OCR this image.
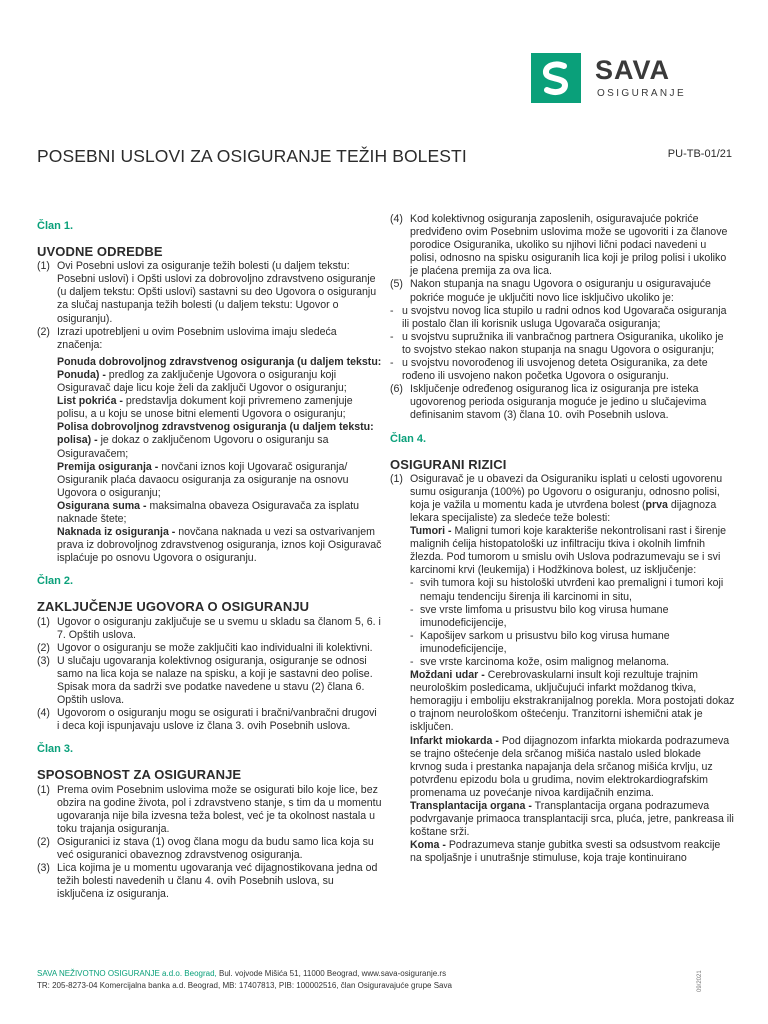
SAVA
OSIGURANJE
POSEBNI USLOVI ZA OSIGURANJE TEŽIH BOLESTI	PU-TB-01/21
Član 1.
UVODNE ODREDBE
(1) Ovi Posebni uslovi za osiguranje težih bolesti (u daljem tekstu: Posebni uslovi) i Opšti uslovi za dobrovoljno zdravstveno osiguranje (u daljem tekstu: Opšti uslovi) sastavni su deo Ugovora o osiguranju za slučaj nastupanja težih bolesti (u daljem tekstu: Ugovor o osiguranju).
(2) Izrazi upotrebljeni u ovim Posebnim uslovima imaju sledeća značenja:
Ponuda dobrovoljnog zdravstvenog osiguranja (u daljem tekstu: Ponuda) - predlog za zaključenje Ugovora o osiguranju koji Osiguravač daje licu koje želi da zaključi Ugovor o osiguranju;
List pokrića - predstavlja dokument koji privremeno zamenjuje polisu, a u koju se unose bitni elementi Ugovora o osiguranju;
Polisa dobrovoljnog zdravstvenog osiguranja (u daljem tekstu: polisa) - je dokaz o zaključenom Ugovoru o osiguranju sa Osiguravačem;
Premija osiguranja - novčani iznos koji Ugovarač osiguranja/ Osiguranik plaća davaocu osiguranja za osiguranje na osnovu Ugovora o osiguranju;
Osigurana suma - maksimalna obaveza Osiguravača za isplatu naknade štete;
Naknada iz osiguranja - novčana naknada u vezi sa ostvarivanjem prava iz dobrovoljnog zdravstvenog osiguranja, iznos koji Osiguravač isplaćuje po osnovu Ugovora o osiguranju.
Član 2.
ZAKLJUČENJE UGOVORA O OSIGURANJU
(1) Ugovor o osiguranju zaključuje se u svemu u skladu sa članom 5, 6. i 7. Opštih uslova.
(2) Ugovor o osiguranju se može zaključiti kao individualni ili kolektivni.
(3) U slučaju ugovaranja kolektivnog osiguranja, osiguranje se odnosi samo na lica koja se nalaze na spisku, a koji je sastavni deo polise. Spisak mora da sadrži sve podatke navedene u stavu (2) člana 6. Opštih uslova.
(4) Ugovorom o osiguranju mogu se osigurati i bračni/vanbračni drugovi i deca koji ispunjavaju uslove iz člana 3. ovih Posebnih uslova.
Član 3.
SPOSOBNOST ZA OSIGURANJE
(1) Prema ovim Posebnim uslovima može se osigurati bilo koje lice, bez obzira na godine života, pol i zdravstveno stanje, s tim da u momentu ugovaranja nije bila izvesna teža bolest, već je ta okolnost nastala u toku trajanja osiguranja.
(2) Osiguranici iz stava (1) ovog člana mogu da budu samo lica koja su već osiguranici obaveznog zdravstvenog osiguranja.
(3) Lica kojima je u momentu ugovaranja već dijagnostikovana jedna od težih bolesti navedenih u članu 4. ovih Posebnih uslova, su isključena iz osiguranja.
(4) Kod kolektivnog osiguranja zaposlenih, osiguravajuće pokriće predviđeno ovim Posebnim uslovima može se ugovoriti i za članove porodice Osiguranika, ukoliko su njihovi lični podaci navedeni u polisi, odnosno na spisku osiguranih lica koji je prilog polisi i ukoliko je plaćena premija za ova lica.
(5) Nakon stupanja na snagu Ugovora o osiguranju u osiguravajuće pokriće moguće je uključiti novo lice isključivo ukoliko je:
- u svojstvu novog lica stupilo u radni odnos kod Ugovarača osiguranja ili postalo član ili korisnik usluga Ugovarača osiguranja;
- u svojstvu supružnika ili vanbračnog partnera Osiguranika, ukoliko je to svojstvo stekao nakon stupanja na snagu Ugovora o osiguranju;
- u svojstvu novorođenog ili usvojenog deteta Osiguranika, za dete rođeno ili usvojeno nakon početka Ugovora o osiguranju.
(6) Isključenje određenog osiguranog lica iz osiguranja pre isteka ugovorenog perioda osiguranja moguće je jedino u slučajevima definisanim stavom (3) člana 10. ovih Posebnih uslova.
Član 4.
OSIGURANI RIZICI
(1) Osiguravač je u obavezi da Osiguraniku isplati u celosti ugovorenu sumu osiguranja (100%) po Ugovoru o osiguranju, odnosno polisi, koja je važila u momentu kada je utvrđena bolest (prva dijagnoza lekara specijaliste) za sledeće teže bolesti:
Tumori - Maligni tumori koje karakteriše nekontrolisani rast i širenje malignih ćelija histopatološki uz infiltraciju tkiva i okolnih limfnih žlezda. Pod tumorom u smislu ovih Uslova podrazumevaju se i svi karcinomi krvi (leukemija) i Hodžkinova bolest, uz isključenje:
- svih tumora koji su histološki utvrđeni kao premaligni i tumori koji nemaju tendenciju širenja ili karcinomi in situ,
- sve vrste limfoma u prisustvu bilo kog virusa humane imunodeficijencije,
- Kapošijev sarkom u prisustvu bilo kog virusa humane imunodeficijencije,
- sve vrste karcinoma kože, osim malignog melanoma.
Moždani udar - Cerebrovaskularni insult koji rezultuje trajnim neurološkim posledicama, uključujući infarkt moždanog tkiva, hemoragiju i emboliju ekstrakranijalnog porekla. Mora postojati dokaz o trajnom neurološkom oštećenju. Tranzitorni ishemični atak je isključen.
Infarkt miokarda - Pod dijagnozom infarkta miokarda podrazumeva se trajno oštećenje dela srčanog mišića nastalo usled blokade krvnog suda i prestanka napajanja dela srčanog mišića krvlju, uz potvrđenu epizodu bola u grudima, novim elektrokardiografskim promenama uz povećanje nivoa kardijačnih enzima.
Transplantacija organa - Transplantacija organa podrazumeva podvrgavanje primaoca transplantaciji srca, pluća, jetre, pankreasa ili koštane srži.
Koma - Podrazumeva stanje gubitka svesti sa odsustvom reakcije na spoljašnje i unutrašnje stimuluse, koja traje kontinuirano
SAVA NEŽIVOTNO OSIGURANJE a.d.o. Beograd, Bul. vojvode Mišića 51, 11000 Beograd, www.sava-osiguranje.rs
TR: 205-8273-04 Komercijalna banka a.d. Beograd, MB: 17407813, PIB: 100002516, član Osiguravajuće grupe Sava	09/2021
